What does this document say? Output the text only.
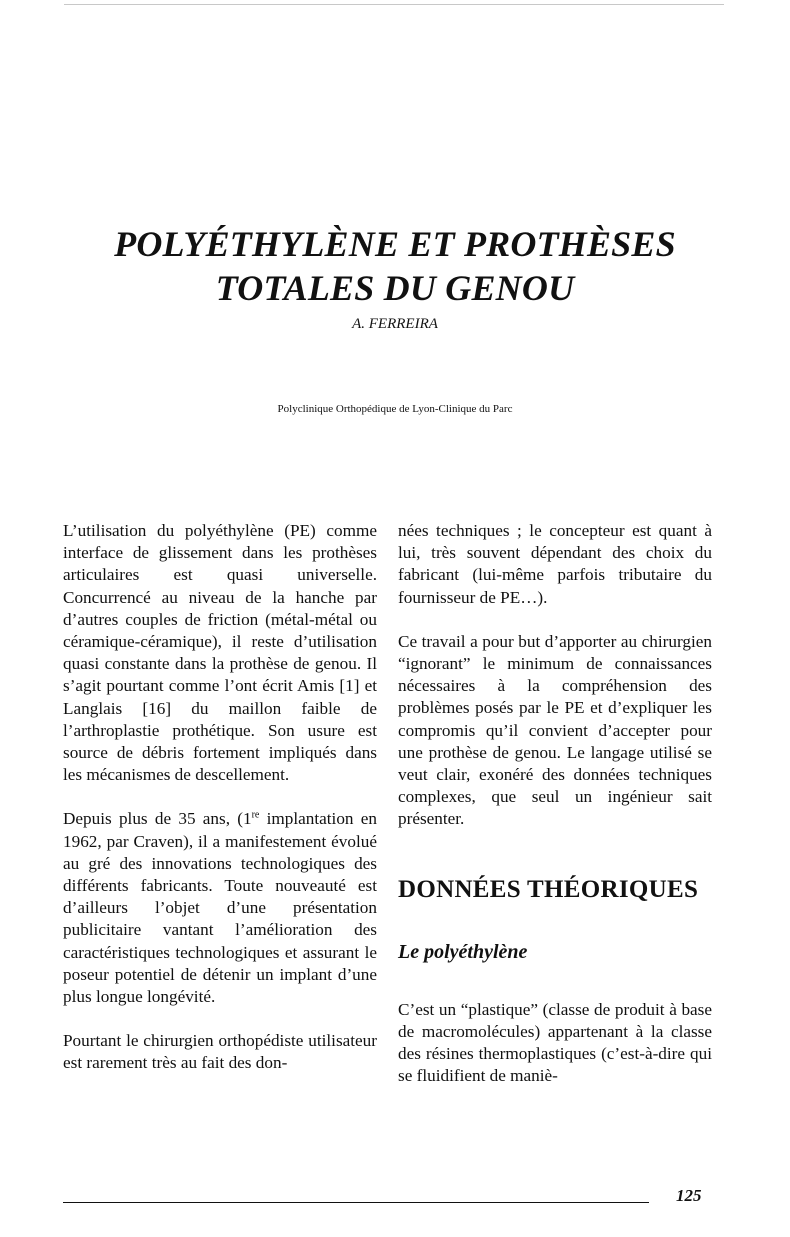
POLYÉTHYLÈNE ET PROTHÈSES
TOTALES DU GENOU
A. FERREIRA
Polyclinique Orthopédique de Lyon-Clinique du Parc

L’utilisation du polyéthylène (PE) comme interface de glissement dans les prothèses articulaires est quasi universelle. Concurrencé au niveau de la hanche par d’autres couples de friction (métal-métal ou céramique-céramique), il reste d’utilisation quasi constante dans la prothèse de genou. Il s’agit pourtant comme l’ont écrit Amis [1] et Langlais [16] du maillon faible de l’arthroplastie prothétique. Son usure est source de débris fortement impliqués dans les mécanismes de descellement.

Depuis plus de 35 ans, (1re implantation en 1962, par Craven), il a manifestement évolué au gré des innovations technologiques des différents fabricants. Toute nouveauté est d’ailleurs l’objet d’une présentation publicitaire vantant l’amélioration des caractéristiques technologiques et assurant le poseur potentiel de détenir un implant d’une plus longue longévité.

Pourtant le chirurgien orthopédiste utilisateur est rarement très au fait des don-

nées techniques ; le concepteur est quant à lui, très souvent dépendant des choix du fabricant (lui-même parfois tributaire du fournisseur de PE…).

Ce travail a pour but d’apporter au chirurgien “ignorant” le minimum de connaissances nécessaires à la compréhension des problèmes posés par le PE et d’expliquer les compromis qu’il convient d’accepter pour une prothèse de genou. Le langage utilisé se veut clair, exonéré des données techniques complexes, que seul un ingénieur sait présenter.

DONNÉES THÉORIQUES
Le polyéthylène

C’est un “plastique” (classe de produit à base de macromolécules) appartenant à la classe des résines thermoplastiques (c’est-à-dire qui se fluidifient de maniè-

125
